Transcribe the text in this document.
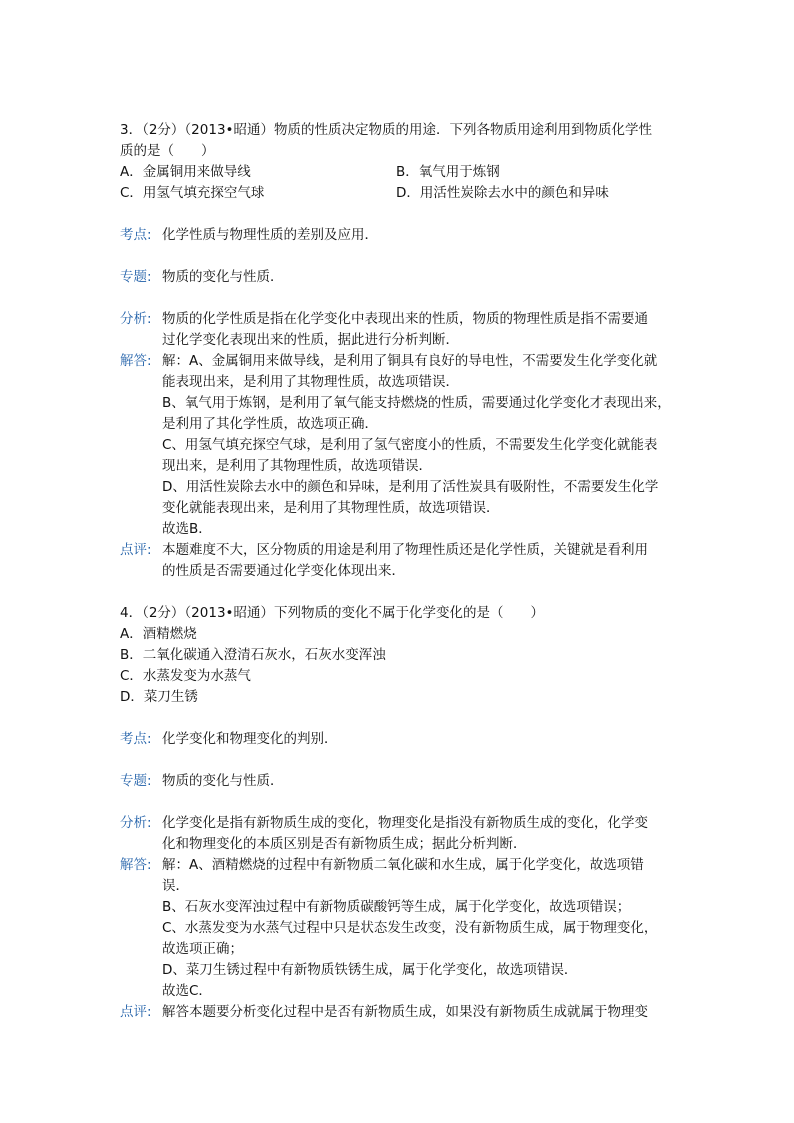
3．（2分）（2013•昭通）物质的性质决定物质的用途．下列各物质用途利用到物质化学性
质的是（　　）
A．金属铜用来做导线	B．氧气用于炼钢
C．用氢气填充探空气球	D．用活性炭除去水中的颜色和异味
考点: 化学性质与物理性质的差别及应用．
专题: 物质的变化与性质．
分析: 物质的化学性质是指在化学变化中表现出来的性质，物质的物理性质是指不需要通
过化学变化表现出来的性质，据此进行分析判断．
解答: 解：A、金属铜用来做导线，是利用了铜具有良好的导电性，不需要发生化学变化就
能表现出来，是利用了其物理性质，故选项错误．
B、氧气用于炼钢，是利用了氧气能支持燃烧的性质，需要通过化学变化才表现出来，
是利用了其化学性质，故选项正确．
C、用氢气填充探空气球，是利用了氢气密度小的性质，不需要发生化学变化就能表
现出来，是利用了其物理性质，故选项错误．
D、用活性炭除去水中的颜色和异味，是利用了活性炭具有吸附性，不需要发生化学
变化就能表现出来，是利用了其物理性质，故选项错误．
故选B．
点评: 本题难度不大，区分物质的用途是利用了物理性质还是化学性质，关键就是看利用
的性质是否需要通过化学变化体现出来．
4．（2分）（2013•昭通）下列物质的变化不属于化学变化的是（　　）
A．酒精燃烧
B．二氧化碳通入澄清石灰水，石灰水变浑浊
C．水蒸发变为水蒸气
D．菜刀生锈
考点: 化学变化和物理变化的判别．
专题: 物质的变化与性质．
分析: 化学变化是指有新物质生成的变化，物理变化是指没有新物质生成的变化，化学变
化和物理变化的本质区别是否有新物质生成；据此分析判断．
解答: 解：A、酒精燃烧的过程中有新物质二氧化碳和水生成，属于化学变化，故选项错
误．
B、石灰水变浑浊过程中有新物质碳酸钙等生成，属于化学变化，故选项错误；
C、水蒸发变为水蒸气过程中只是状态发生改变，没有新物质生成，属于物理变化，
故选项正确；
D、菜刀生锈过程中有新物质铁锈生成，属于化学变化，故选项错误．
故选C．
点评: 解答本题要分析变化过程中是否有新物质生成，如果没有新物质生成就属于物理变
